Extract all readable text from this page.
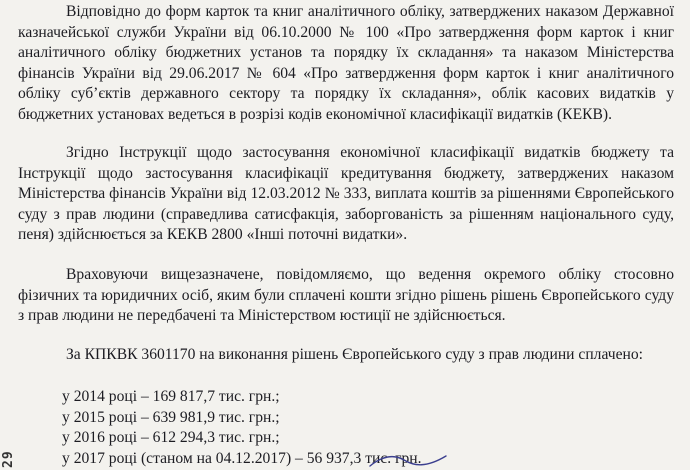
Відповідно до форм карток та книг аналітичного обліку, затверджених наказом Державної казначейської служби України від 06.10.2000 № 100 «Про затвердження форм карток і книг аналітичного обліку бюджетних установ та порядку їх складання» та наказом Міністерства фінансів України від 29.06.2017 № 604 «Про затвердження форм карток і книг аналітичного обліку суб’єктів державного сектору та порядку їх складання», облік касових видатків у бюджетних установах ведеться в розрізі кодів економічної класифікації видатків (КЕКВ).

Згідно Інструкції щодо застосування економічної класифікації видатків бюджету та Інструкції щодо застосування класифікації кредитування бюджету, затверджених наказом Міністерства фінансів України від 12.03.2012 № 333, виплата коштів за рішеннями Європейського суду з прав людини (справедлива сатисфакція, заборгованість за рішенням національного суду, пеня) здійснюється за КЕКВ 2800 «Інші поточні видатки».

Враховуючи вищезазначене, повідомляємо, що ведення окремого обліку стосовно фізичних та юридичних осіб, яким були сплачені кошти згідно рішень рішень Європейського суду з прав людини не передбачені та Міністерством юстиції не здійснюється.

За КПКВК 3601170 на виконання рішень Європейського суду з прав людини сплачено:

у 2014 році – 169 817,7 тис. грн.;
у 2015 році – 639 981,9 тис. грн.;
у 2016 році – 612 294,3 тис. грн.;
у 2017 році (станом на 04.12.2017) – 56 937,3 тис. грн.
29
